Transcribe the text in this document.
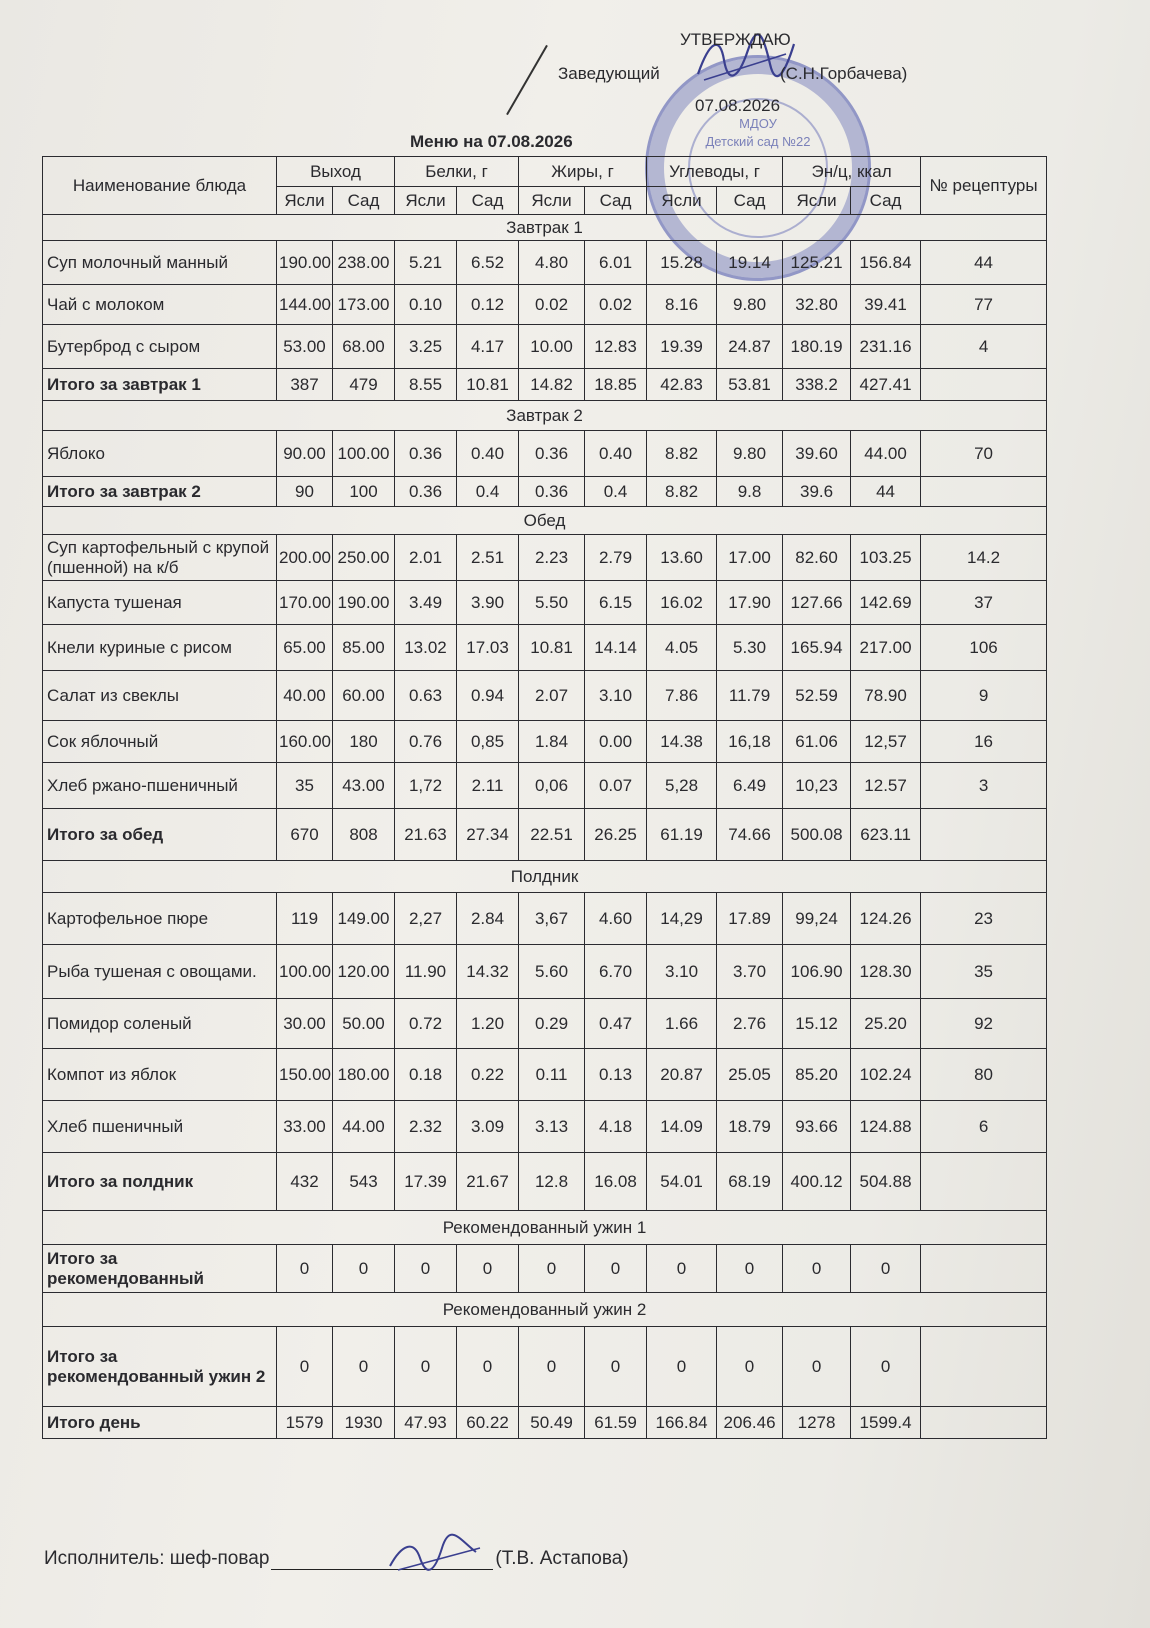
МДОУ
Детский сад №22
УТВЕРЖДАЮ
Заведующий	(С.Н.Горбачева)
07.08.2026
Меню на 07.08.2026
Наименование блюда	Выход		Белки, г		Жиры, г		Углеводы, г		Эн/ц, ккал		№ рецептуры
	Ясли	Сад	Ясли	Сад	Ясли	Сад	Ясли	Сад	Ясли	Сад	
Завтрак 1											
Суп молочный манный	190.00	238.00	5.21	6.52	4.80	6.01	15.28	19.14	125.21	156.84	44
Чай с молоком	144.00	173.00	0.10	0.12	0.02	0.02	8.16	9.80	32.80	39.41	77
Бутерброд с сыром	53.00	68.00	3.25	4.17	10.00	12.83	19.39	24.87	180.19	231.16	4
Итого за завтрак 1	387	479	8.55	10.81	14.82	18.85	42.83	53.81	338.2	427.41	
Завтрак 2											
Яблоко	90.00	100.00	0.36	0.40	0.36	0.40	8.82	9.80	39.60	44.00	70
Итого за завтрак 2	90	100	0.36	0.4	0.36	0.4	8.82	9.8	39.6	44	
Обед											
Суп картофельный с крупой (пшенной) на к/б	200.00	250.00	2.01	2.51	2.23	2.79	13.60	17.00	82.60	103.25	14.2
Капуста тушеная	170.00	190.00	3.49	3.90	5.50	6.15	16.02	17.90	127.66	142.69	37
Кнели куриные с рисом	65.00	85.00	13.02	17.03	10.81	14.14	4.05	5.30	165.94	217.00	106
Салат из свеклы	40.00	60.00	0.63	0.94	2.07	3.10	7.86	11.79	52.59	78.90	9
Сок яблочный	160.00	180	0.76	0,85	1.84	0.00	14.38	16,18	61.06	12,57	16
Хлеб ржано-пшеничный	35	43.00	1,72	2.11	0,06	0.07	5,28	6.49	10,23	12.57	3
Итого за обед	670	808	21.63	27.34	22.51	26.25	61.19	74.66	500.08	623.11	
Полдник											
Картофельное пюре	119	149.00	2,27	2.84	3,67	4.60	14,29	17.89	99,24	124.26	23
Рыба тушеная с овощами.	100.00	120.00	11.90	14.32	5.60	6.70	3.10	3.70	106.90	128.30	35
Помидор соленый	30.00	50.00	0.72	1.20	0.29	0.47	1.66	2.76	15.12	25.20	92
Компот из яблок	150.00	180.00	0.18	0.22	0.11	0.13	20.87	25.05	85.20	102.24	80
Хлеб пшеничный	33.00	44.00	2.32	3.09	3.13	4.18	14.09	18.79	93.66	124.88	6
Итого за полдник	432	543	17.39	21.67	12.8	16.08	54.01	68.19	400.12	504.88	
Рекомендованный ужин 1											
Итого за рекомендованный	0	0	0	0	0	0	0	0	0	0	
Рекомендованный ужин 2											
Итого за рекомендованный ужин 2	0	0	0	0	0	0	0	0	0	0	
Итого день	1579	1930	47.93	60.22	50.49	61.59	166.84	206.46	1278	1599.4	
Исполнитель: шеф-повар	(Т.В. Астапова)
